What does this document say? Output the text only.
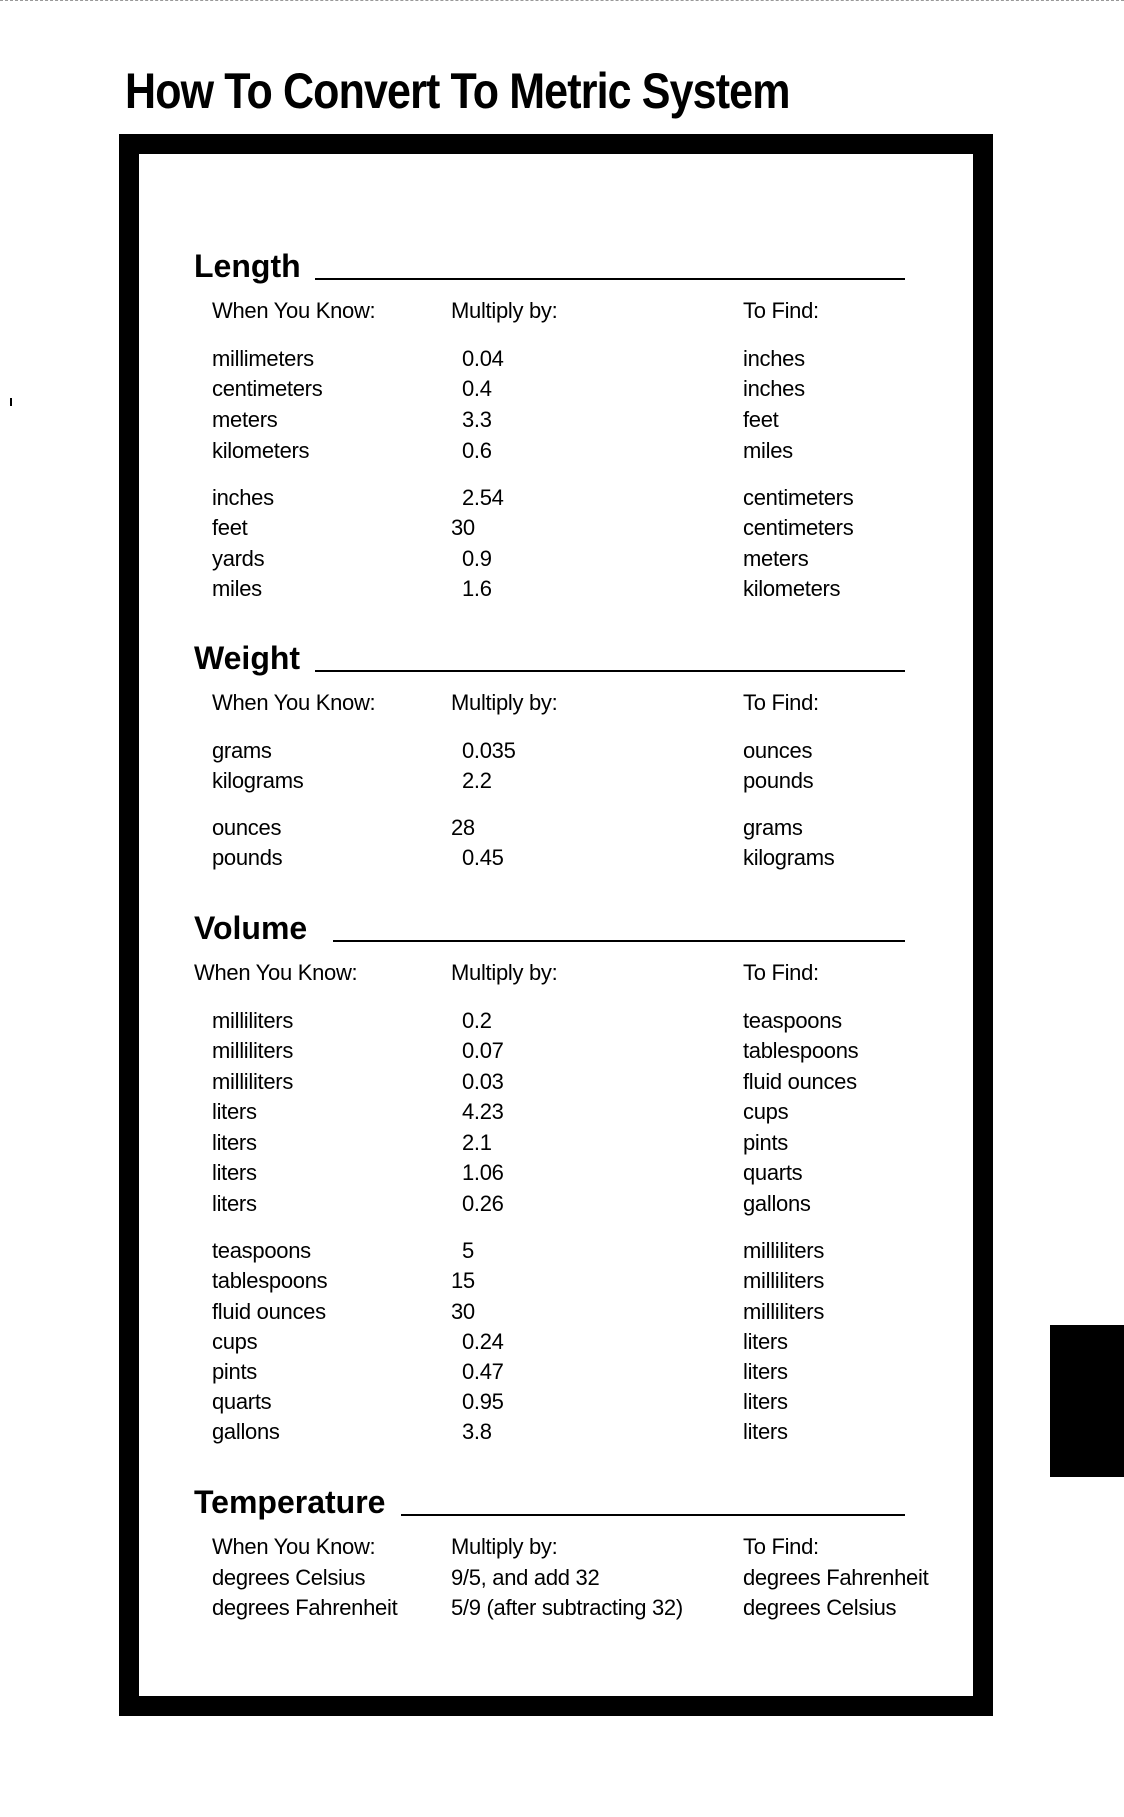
How To Convert To Metric System
Length
When You Know:	Multiply by:	To Find:
millimeters	0.04	inches
centimeters	0.4	inches
meters	3.3	feet
kilometers	0.6	miles
inches	2.54	centimeters
feet	30	centimeters
yards	0.9	meters
miles	1.6	kilometers
Weight
When You Know:	Multiply by:	To Find:
grams	0.035	ounces
kilograms	2.2	pounds
ounces	28	grams
pounds	0.45	kilograms
Volume
When You Know:	Multiply by:	To Find:
milliliters	0.2	teaspoons
milliliters	0.07	tablespoons
milliliters	0.03	fluid ounces
liters	4.23	cups
liters	2.1	pints
liters	1.06	quarts
liters	0.26	gallons
teaspoons	5	milliliters
tablespoons	15	milliliters
fluid ounces	30	milliliters
cups	0.24	liters
pints	0.47	liters
quarts	0.95	liters
gallons	3.8	liters
Temperature
When You Know:	Multiply by:	To Find:
degrees Celsius	9/5, and add 32	degrees Fahrenheit
degrees Fahrenheit 5/9 (after subtracting 32)	degrees Celsius
